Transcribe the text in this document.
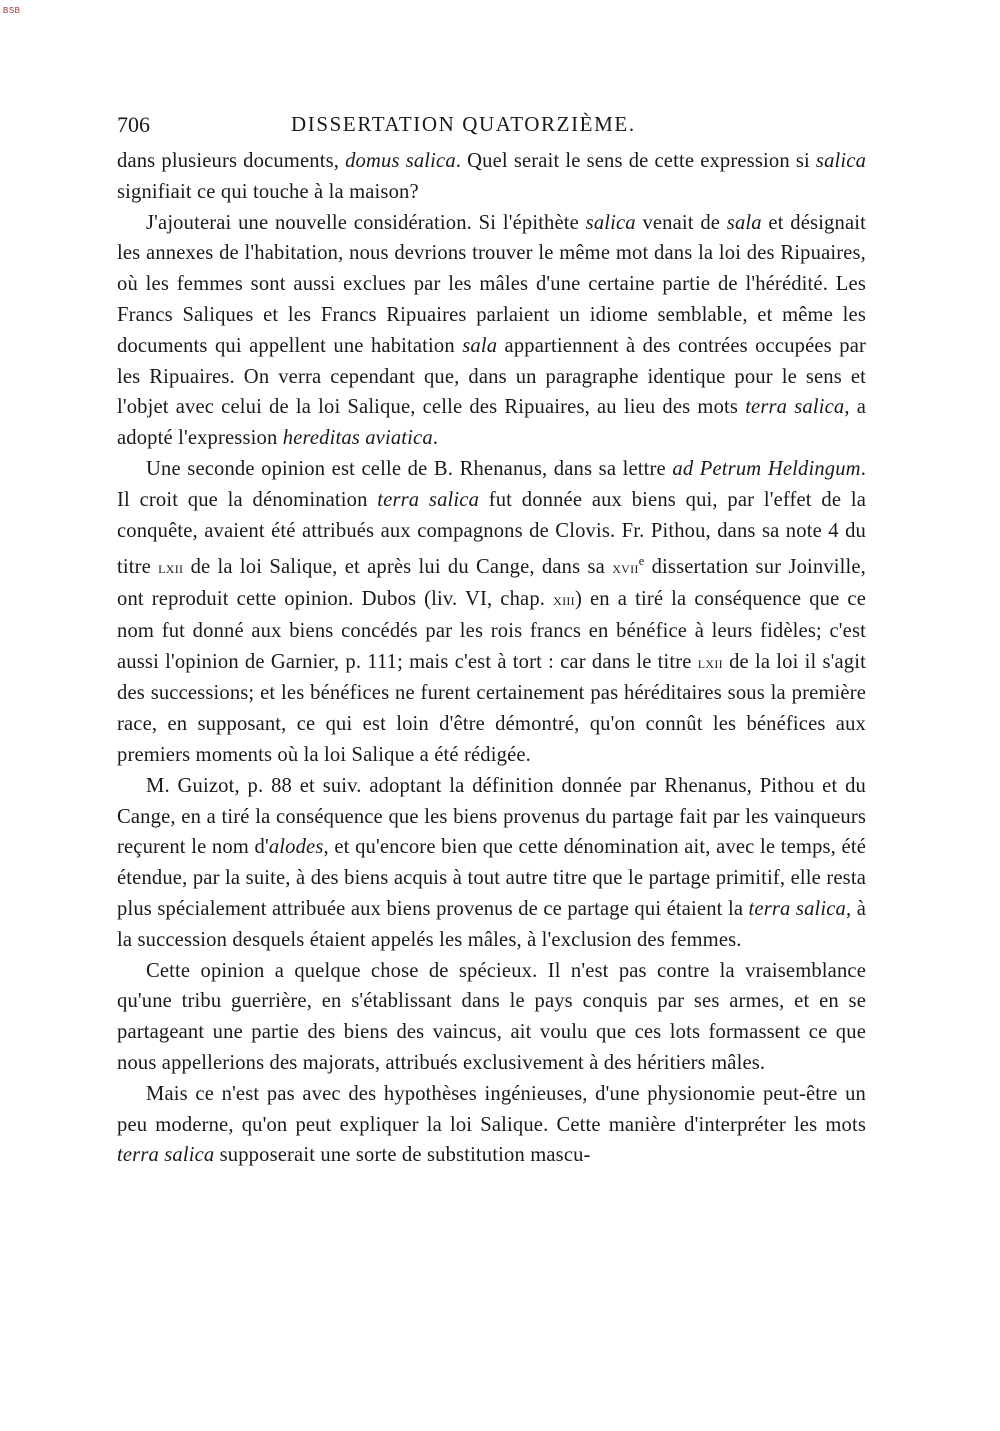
BSB
706	DISSERTATION QUATORZIÈME.

dans plusieurs documents, domus salica. Quel serait le sens de cette expression si salica signifiait ce qui touche à la maison?

J'ajouterai une nouvelle considération. Si l'épithète salica venait de sala et désignait les annexes de l'habitation, nous devrions trouver le même mot dans la loi des Ripuaires, où les femmes sont aussi exclues par les mâles d'une certaine partie de l'hérédité. Les Francs Saliques et les Francs Ripuaires parlaient un idiome semblable, et même les documents qui appellent une habitation sala appartiennent à des contrées occupées par les Ripuaires. On verra cependant que, dans un paragraphe identique pour le sens et l'objet avec celui de la loi Salique, celle des Ripuaires, au lieu des mots terra salica, a adopté l'expression hereditas aviatica.

Une seconde opinion est celle de B. Rhenanus, dans sa lettre ad Petrum Heldingum. Il croit que la dénomination terra salica fut donnée aux biens qui, par l'effet de la conquête, avaient été attribués aux compagnons de Clovis. Fr. Pithou, dans sa note 4 du titre lxii de la loi Salique, et après lui du Cange, dans sa xvii$^e$ dissertation sur Joinville, ont reproduit cette opinion. Dubos (liv. VI, chap. xiii) en a tiré la conséquence que ce nom fut donné aux biens concédés par les rois francs en bénéfice à leurs fidèles; c'est aussi l'opinion de Garnier, p. 111; mais c'est à tort : car dans le titre lxii de la loi il s'agit des successions; et les bénéfices ne furent certainement pas héréditaires sous la première race, en supposant, ce qui est loin d'être démontré, qu'on connût les bénéfices aux premiers moments où la loi Salique a été rédigée.

M. Guizot, p. 88 et suiv. adoptant la définition donnée par Rhenanus, Pithou et du Cange, en a tiré la conséquence que les biens provenus du partage fait par les vainqueurs reçurent le nom d'alodes, et qu'encore bien que cette dénomination ait, avec le temps, été étendue, par la suite, à des biens acquis à tout autre titre que le partage primitif, elle resta plus spécialement attribuée aux biens provenus de ce partage qui étaient la terra salica, à la succession desquels étaient appelés les mâles, à l'exclusion des femmes.

Cette opinion a quelque chose de spécieux. Il n'est pas contre la vraisemblance qu'une tribu guerrière, en s'établissant dans le pays conquis par ses armes, et en se partageant une partie des biens des vaincus, ait voulu que ces lots formassent ce que nous appellerions des majorats, attribués exclusivement à des héritiers mâles.

Mais ce n'est pas avec des hypothèses ingénieuses, d'une physionomie peut-être un peu moderne, qu'on peut expliquer la loi Salique. Cette manière d'interpréter les mots terra salica supposerait une sorte de substitution mascu-
